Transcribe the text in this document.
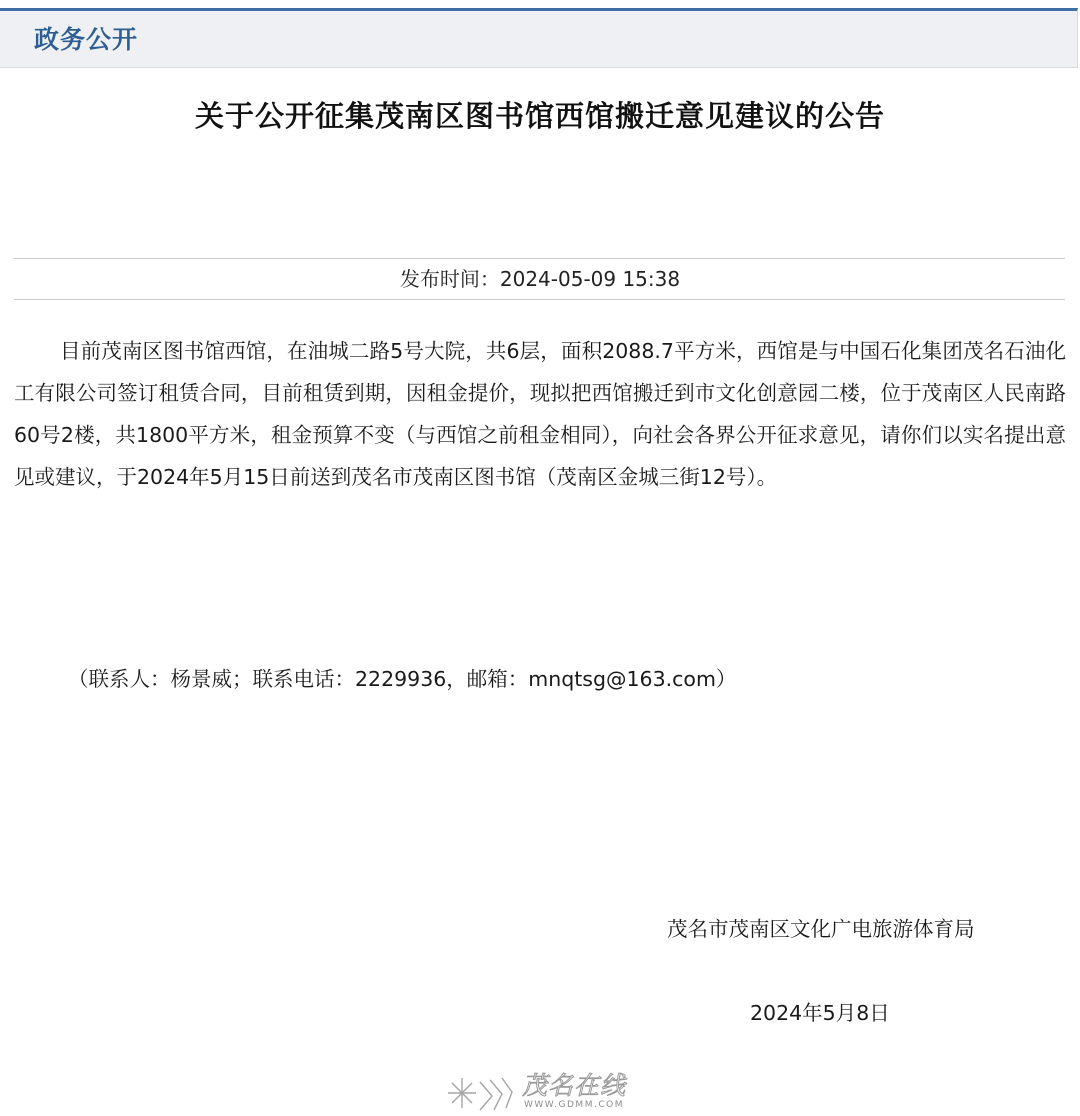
政务公开
关于公开征集茂南区图书馆西馆搬迁意见建议的公告
发布时间：2024-05-09 15:38

目前茂南区图书馆西馆，在油城二路5号大院，共6层，面积2088.7平方米，西馆是与中国石化集团茂名石油化工有限公司签订租赁合同，目前租赁到期，因租金提价，现拟把西馆搬迁到市文化创意园二楼，位于茂南区人民南路60号2楼，共1800平方米，租金预算不变（与西馆之前租金相同），向社会各界公开征求意见，请你们以实名提出意见或建议，于2024年5月15日前送到茂名市茂南区图书馆（茂南区金城三街12号）。

（联系人：杨景威；联系电话：2229936，邮箱：mnqtsg@163.com）
茂名市茂南区文化广电旅游体育局
2024年5月8日
茂名在线
WWW.GDMM.COM
